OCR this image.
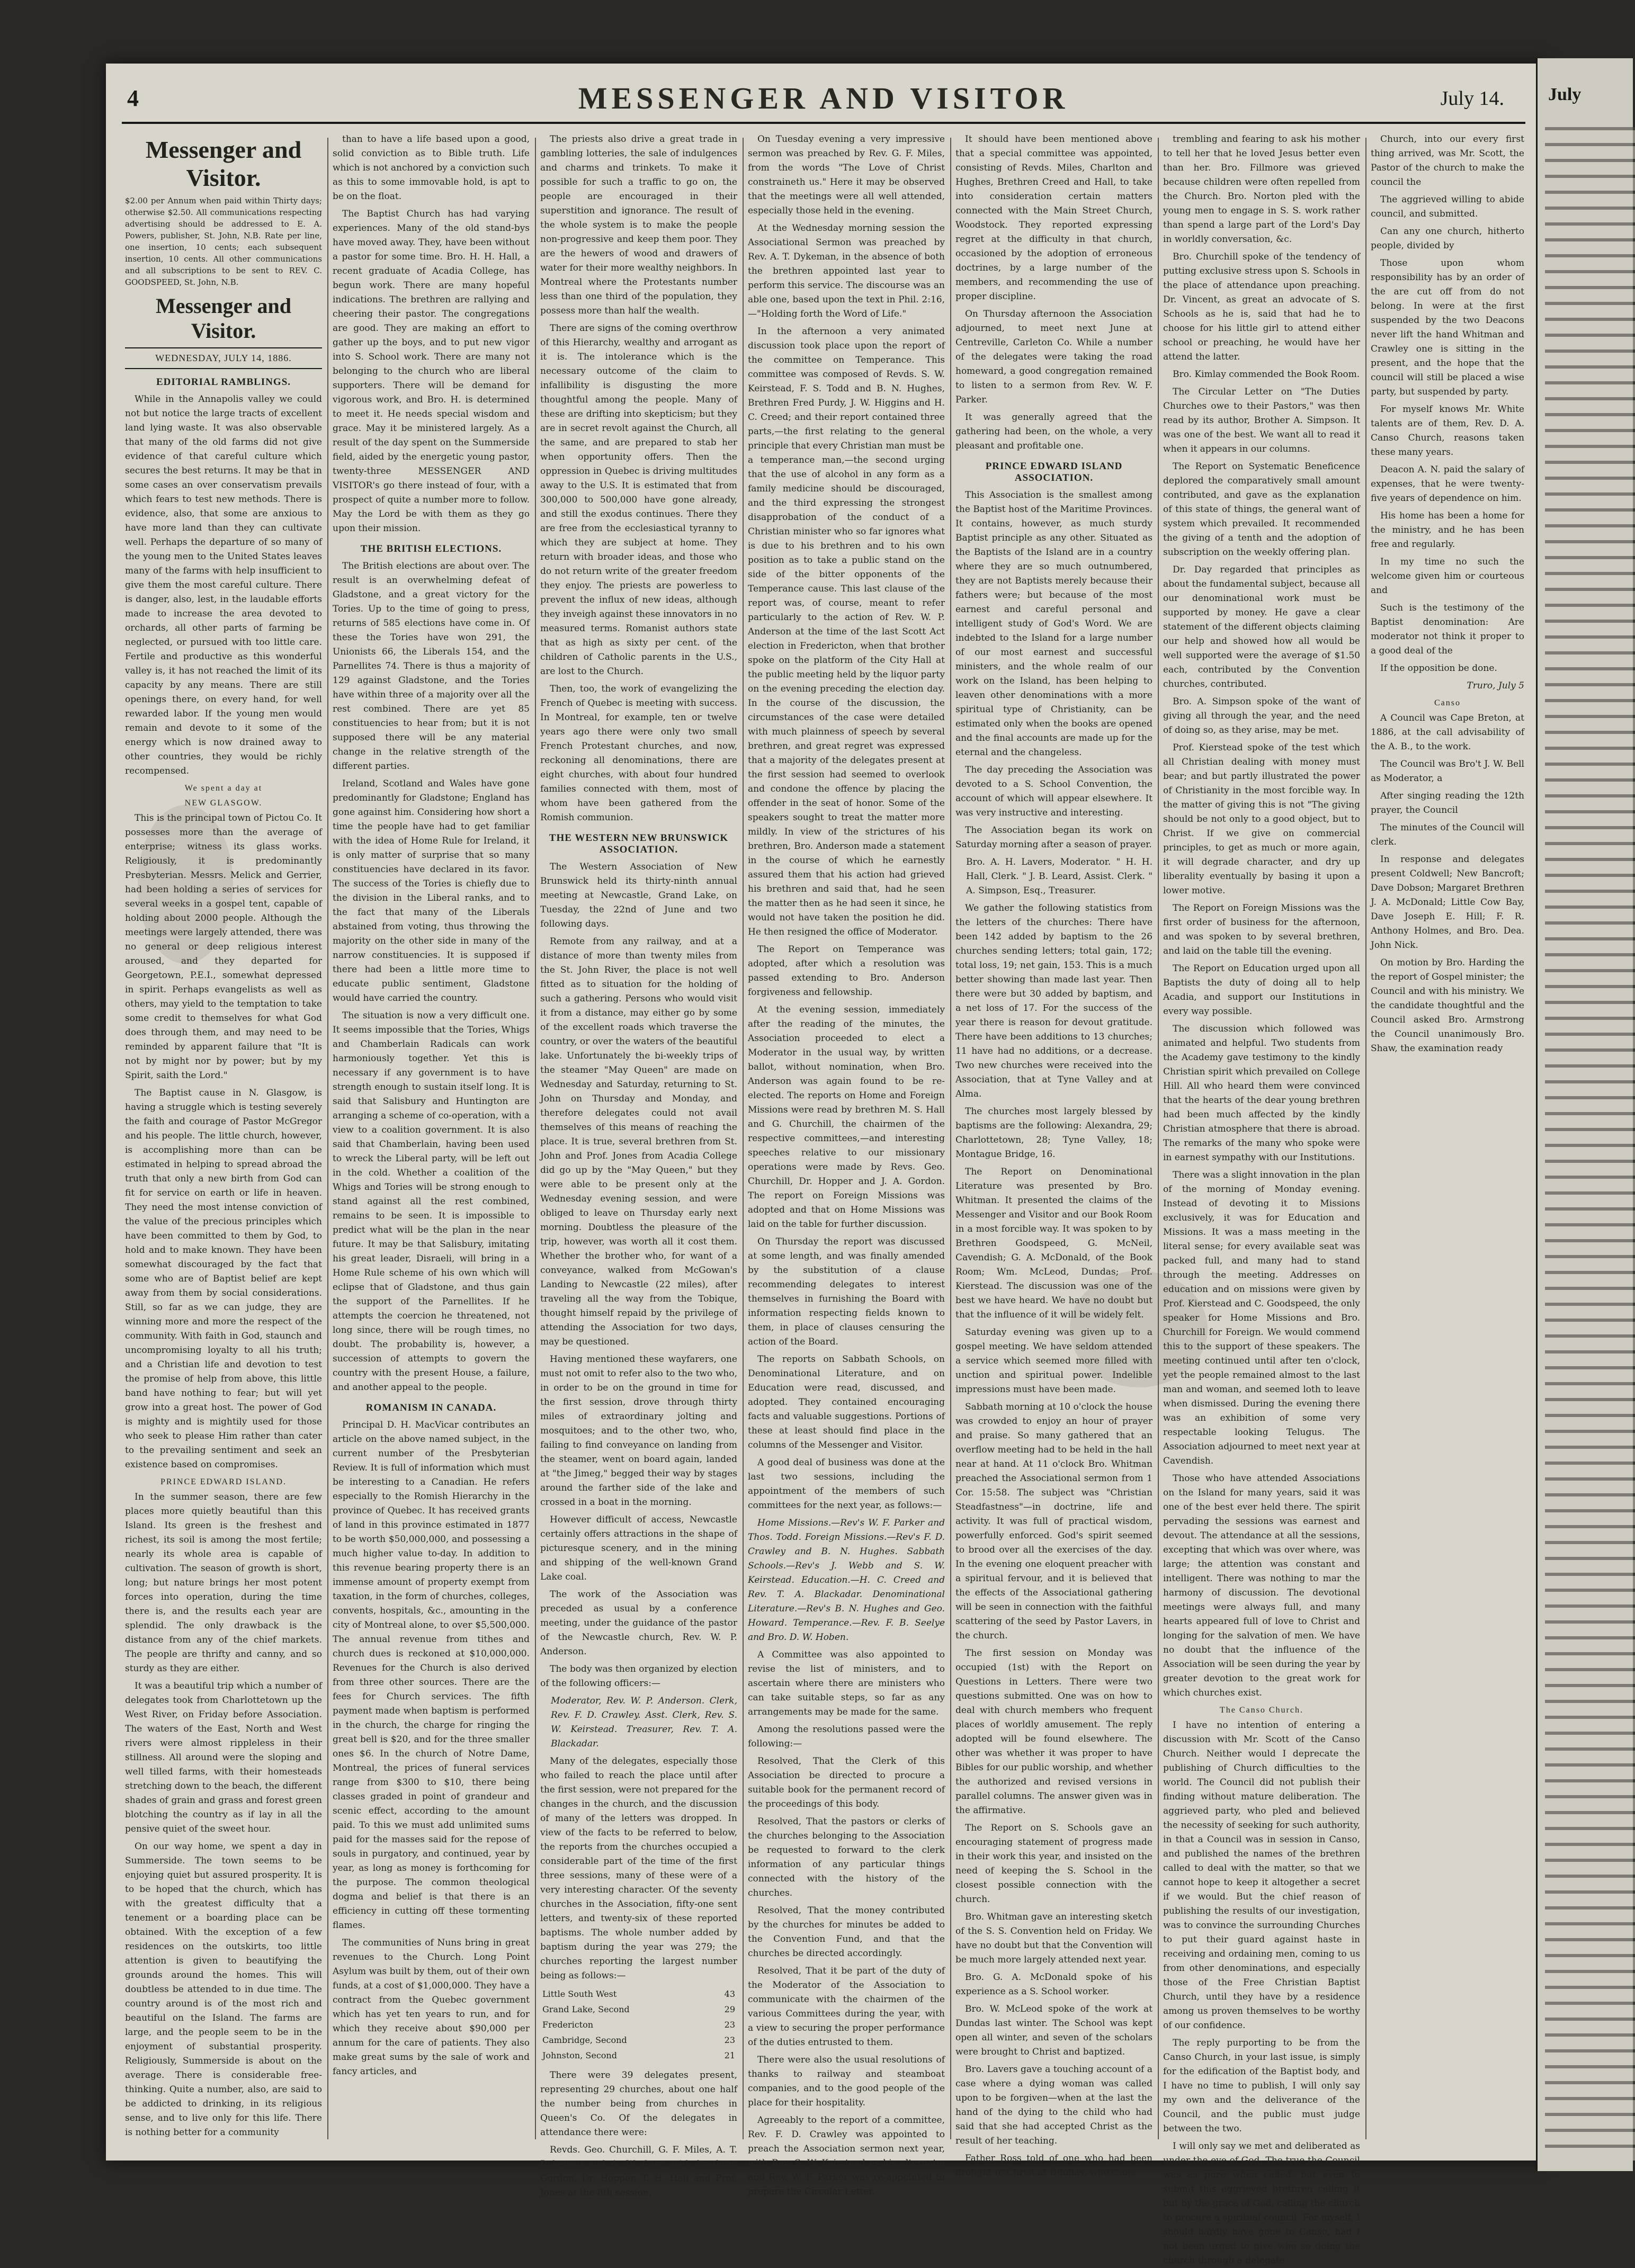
4	MESSENGER AND VISITOR	July 14.
Messenger and Visitor.
$2.00 per Annum when paid within Thirty days; otherwise $2.50. All communications respecting advertising should be addressed to E. A. Powers, publisher, St. John, N.B. Rate per line, one insertion, 10 cents; each subsequent insertion, 10 cents. All other communications and all subscriptions to be sent to REV. C. GOODSPEED, St. John, N.B.
Messenger and Visitor.
WEDNESDAY, JULY 14, 1886.
EDITORIAL RAMBLINGS.

While in the Annapolis valley we could not but notice the large tracts of excellent land lying waste. It was also observable that many of the old farms did not give evidence of that careful culture which secures the best returns. It may be that in some cases an over conservatism prevails which fears to test new methods. There is evidence, also, that some are anxious to have more land than they can cultivate well. Perhaps the departure of so many of the young men to the United States leaves many of the farms with help insufficient to give them the most careful culture. There is danger, also, lest, in the laudable efforts made to increase the area devoted to orchards, all other parts of farming be neglected, or pursued with too little care. Fertile and productive as this wonderful valley is, it has not reached the limit of its capacity by any means. There are still openings there, on every hand, for well rewarded labor. If the young men would remain and devote to it some of the energy which is now drained away to other countries, they would be richly recompensed.

We spent a day at
NEW GLASGOW.

This is the principal town of Pictou Co. It possesses more than the average of enterprise; witness its glass works. Religiously, it is predominantly Presbyterian. Messrs. Melick and Gerrier, had been holding a series of services for several weeks in a gospel tent, capable of holding about 2000 people. Although the meetings were largely attended, there was no general or deep religious interest aroused, and they departed for Georgetown, P.E.I., somewhat depressed in spirit. Perhaps evangelists as well as others, may yield to the temptation to take some credit to themselves for what God does through them, and may need to be reminded by apparent failure that "It is not by might nor by power; but by my Spirit, saith the Lord."

The Baptist cause in N. Glasgow, is having a struggle which is testing severely the faith and courage of Pastor McGregor and his people. The little church, however, is accomplishing more than can be estimated in helping to spread abroad the truth that only a new birth from God can fit for service on earth or life in heaven. They need the most intense conviction of the value of the precious principles which have been committed to them by God, to hold and to make known. They have been somewhat discouraged by the fact that some who are of Baptist belief are kept away from them by social considerations. Still, so far as we can judge, they are winning more and more the respect of the community. With faith in God, staunch and uncompromising loyalty to all his truth; and a Christian life and devotion to test the promise of help from above, this little band have nothing to fear; but will yet grow into a great host. The power of God is mighty and is mightily used for those who seek to please Him rather than cater to the prevailing sentiment and seek an existence based on compromises.

PRINCE EDWARD ISLAND.

In the summer season, there are few places more quietly beautiful than this Island. Its green is the freshest and richest, its soil is among the most fertile; nearly its whole area is capable of cultivation. The season of growth is short, long; but nature brings her most potent forces into operation, during the time there is, and the results each year are splendid. The only drawback is the distance from any of the chief markets. The people are thrifty and canny, and so sturdy as they are either.

It was a beautiful trip which a number of delegates took from Charlottetown up the West River, on Friday before Association. The waters of the East, North and West rivers were almost rippleless in their stillness. All around were the sloping and well tilled farms, with their homesteads stretching down to the beach, the different shades of grain and grass and forest green blotching the country as if lay in all the pensive quiet of the sweet hour.

On our way home, we spent a day in Summerside. The town seems to be enjoying quiet but assured prosperity. It is to be hoped that the church, which has with the greatest difficulty that a tenement or a boarding place can be obtained. With the exception of a few residences on the outskirts, too little attention is given to beautifying the grounds around the homes. This will doubtless be attended to in due time. The country around is of the most rich and beautiful on the Island. The farms are large, and the people seem to be in the enjoyment of substantial prosperity. Religiously, Summerside is about on the average. There is considerable free-thinking. Quite a number, also, are said to be addicted to drinking, in its religious sense, and to live only for this life. There is nothing better for a community

than to have a life based upon a good, solid conviction as to Bible truth. Life which is not anchored by a conviction such as this to some immovable hold, is apt to be on the float.

The Baptist Church has had varying experiences. Many of the old stand-bys have moved away. They, have been without a pastor for some time. Bro. H. H. Hall, a recent graduate of Acadia College, has begun work. There are many hopeful indications. The brethren are rallying and cheering their pastor. The congregations are good. They are making an effort to gather up the boys, and to put new vigor into S. School work. There are many not belonging to the church who are liberal supporters. There will be demand for vigorous work, and Bro. H. is determined to meet it. He needs special wisdom and grace. May it be ministered largely. As a result of the day spent on the Summerside field, aided by the energetic young pastor, twenty-three MESSENGER AND VISITOR's go there instead of four, with a prospect of quite a number more to follow. May the Lord be with them as they go upon their mission.

THE BRITISH ELECTIONS.

The British elections are about over. The result is an overwhelming defeat of Gladstone, and a great victory for the Tories. Up to the time of going to press, returns of 585 elections have come in. Of these the Tories have won 291, the Unionists 66, the Liberals 154, and the Parnellites 74. There is thus a majority of 129 against Gladstone, and the Tories have within three of a majority over all the rest combined. There are yet 85 constituencies to hear from; but it is not supposed there will be any material change in the relative strength of the different parties.

Ireland, Scotland and Wales have gone predominantly for Gladstone; England has gone against him. Considering how short a time the people have had to get familiar with the idea of Home Rule for Ireland, it is only matter of surprise that so many constituencies have declared in its favor. The success of the Tories is chiefly due to the division in the Liberal ranks, and to the fact that many of the Liberals abstained from voting, thus throwing the majority on the other side in many of the narrow constituencies. It is supposed if there had been a little more time to educate public sentiment, Gladstone would have carried the country.

The situation is now a very difficult one. It seems impossible that the Tories, Whigs and Chamberlain Radicals can work harmoniously together. Yet this is necessary if any government is to have strength enough to sustain itself long. It is said that Salisbury and Huntington are arranging a scheme of co-operation, with a view to a coalition government. It is also said that Chamberlain, having been used to wreck the Liberal party, will be left out in the cold. Whether a coalition of the Whigs and Tories will be strong enough to stand against all the rest combined, remains to be seen. It is impossible to predict what will be the plan in the near future. It may be that Salisbury, imitating his great leader, Disraeli, will bring in a Home Rule scheme of his own which will eclipse that of Gladstone, and thus gain the support of the Parnellites. If he attempts the coercion he threatened, not long since, there will be rough times, no doubt. The probability is, however, a succession of attempts to govern the country with the present House, a failure, and another appeal to the people.

ROMANISM IN CANADA.

Principal D. H. MacVicar contributes an article on the above named subject, in the current number of the Presbyterian Review. It is full of information which must be interesting to a Canadian. He refers especially to the Romish Hierarchy in the province of Quebec. It has received grants of land in this province estimated in 1877 to be worth $50,000,000, and possessing a much higher value to-day. In addition to this revenue bearing property there is an immense amount of property exempt from taxation, in the form of churches, colleges, convents, hospitals, &c., amounting in the city of Montreal alone, to over $5,500,000. The annual revenue from tithes and church dues is reckoned at $10,000,000. Revenues for the Church is also derived from three other sources. There are the fees for Church services. The fifth payment made when baptism is performed in the church, the charge for ringing the great bell is $20, and for the three smaller ones $6. In the church of Notre Dame, Montreal, the prices of funeral services range from $300 to $10, there being classes graded in point of grandeur and scenic effect, according to the amount paid. To this we must add unlimited sums paid for the masses said for the repose of souls in purgatory, and continued, year by year, as long as money is forthcoming for the purpose. The common theological dogma and belief is that there is an efficiency in cutting off these tormenting flames.

The communities of Nuns bring in great revenues to the Church. Long Point Asylum was built by them, out of their own funds, at a cost of $1,000,000. They have a contract from the Quebec government which has yet ten years to run, and for which they receive about $90,000 per annum for the care of patients. They also make great sums by the sale of work and fancy articles, and

The priests also drive a great trade in gambling lotteries, the sale of indulgences and charms and trinkets. To make it possible for such a traffic to go on, the people are encouraged in their superstition and ignorance. The result of the whole system is to make the people non-progressive and keep them poor. They are the hewers of wood and drawers of water for their more wealthy neighbors. In Montreal where the Protestants number less than one third of the population, they possess more than half the wealth.

There are signs of the coming overthrow of this Hierarchy, wealthy and arrogant as it is. The intolerance which is the necessary outcome of the claim to infallibility is disgusting the more thoughtful among the people. Many of these are drifting into skepticism; but they are in secret revolt against the Church, all the same, and are prepared to stab her when opportunity offers. Then the oppression in Quebec is driving multitudes away to the U.S. It is estimated that from 300,000 to 500,000 have gone already, and still the exodus continues. There they are free from the ecclesiastical tyranny to which they are subject at home. They return with broader ideas, and those who do not return write of the greater freedom they enjoy. The priests are powerless to prevent the influx of new ideas, although they inveigh against these innovators in no measured terms. Romanist authors state that as high as sixty per cent. of the children of Catholic parents in the U.S., are lost to the Church.

Then, too, the work of evangelizing the French of Quebec is meeting with success. In Montreal, for example, ten or twelve years ago there were only two small French Protestant churches, and now, reckoning all denominations, there are eight churches, with about four hundred families connected with them, most of whom have been gathered from the Romish communion.

THE WESTERN NEW BRUNSWICK ASSOCIATION.

The Western Association of New Brunswick held its thirty-ninth annual meeting at Newcastle, Grand Lake, on Tuesday, the 22nd of June and two following days.

Remote from any railway, and at a distance of more than twenty miles from the St. John River, the place is not well fitted as to situation for the holding of such a gathering. Persons who would visit it from a distance, may either go by some of the excellent roads which traverse the country, or over the waters of the beautiful lake. Unfortunately the bi-weekly trips of the steamer "May Queen" are made on Wednesday and Saturday, returning to St. John on Thursday and Monday, and therefore delegates could not avail themselves of this means of reaching the place. It is true, several brethren from St. John and Prof. Jones from Acadia College did go up by the "May Queen," but they were able to be present only at the Wednesday evening session, and were obliged to leave on Thursday early next morning. Doubtless the pleasure of the trip, however, was worth all it cost them. Whether the brother who, for want of a conveyance, walked from McGowan's Landing to Newcastle (22 miles), after traveling all the way from the Tobique, thought himself repaid by the privilege of attending the Association for two days, may be questioned.

Having mentioned these wayfarers, one must not omit to refer also to the two who, in order to be on the ground in time for the first session, drove through thirty miles of extraordinary jolting and mosquitoes; and to the other two, who, failing to find conveyance on landing from the steamer, went on board again, landed at "the Jimeg," begged their way by stages around the farther side of the lake and crossed in a boat in the morning.

However difficult of access, Newcastle certainly offers attractions in the shape of picturesque scenery, and in the mining and shipping of the well-known Grand Lake coal.

The work of the Association was preceded as usual by a conference meeting, under the guidance of the pastor of the Newcastle church, Rev. W. P. Anderson.

The body was then organized by election of the following officers:—

Moderator, Rev. W. P. Anderson. Clerk, Rev. F. D. Crawley. Asst. Clerk, Rev. S. W. Keirstead. Treasurer, Rev. T. A. Blackadar.

Many of the delegates, especially those who failed to reach the place until after the first session, were not prepared for the changes in the church, and the discussion of many of the letters was dropped. In view of the facts to be referred to below, the reports from the churches occupied a considerable part of the time of the first three sessions, many of these were of a very interesting character. Of the seventy churches in the Association, fifty-one sent letters, and twenty-six of these reported baptisms. The whole number added by baptism during the year was 279; the churches reporting the largest number being as follows:—

Little South West	43
Grand Lake, Second	29
Fredericton	23
Cambridge, Second	23
Johnston, Second	21

There were 39 delegates present, representing 29 churches, about one half the number being from churches in Queen's Co. Of the delegates in attendance there were:

Revds. Geo. Churchill, G. F. Miles, A. T. Dykeman and A. W. Carr; with brethren Gordon, Dr. Hopper, T. H. Hall and Prof. Jones at the 8th session.

On Tuesday evening a very impressive sermon was preached by Rev. G. F. Miles, from the words "The Love of Christ constraineth us." Here it may be observed that the meetings were all well attended, especially those held in the evening.

At the Wednesday morning session the Associational Sermon was preached by Rev. A. T. Dykeman, in the absence of both the brethren appointed last year to perform this service. The discourse was an able one, based upon the text in Phil. 2:16,—"Holding forth the Word of Life."

In the afternoon a very animated discussion took place upon the report of the committee on Temperance. This committee was composed of Revds. S. W. Keirstead, F. S. Todd and B. N. Hughes, Brethren Fred Purdy, J. W. Higgins and H. C. Creed; and their report contained three parts,—the first relating to the general principle that every Christian man must be a temperance man,—the second urging that the use of alcohol in any form as a family medicine should be discouraged, and the third expressing the strongest disapprobation of the conduct of a Christian minister who so far ignores what is due to his brethren and to his own position as to take a public stand on the side of the bitter opponents of the Temperance cause. This last clause of the report was, of course, meant to refer particularly to the action of Rev. W. P. Anderson at the time of the last Scott Act election in Fredericton, when that brother spoke on the platform of the City Hall at the public meeting held by the liquor party on the evening preceding the election day. In the course of the discussion, the circumstances of the case were detailed with much plainness of speech by several brethren, and great regret was expressed that a majority of the delegates present at the first session had seemed to overlook and condone the offence by placing the offender in the seat of honor. Some of the speakers sought to treat the matter more mildly. In view of the strictures of his brethren, Bro. Anderson made a statement in the course of which he earnestly assured them that his action had grieved his brethren and said that, had he seen the matter then as he had seen it since, he would not have taken the position he did. He then resigned the office of Moderator.

The Report on Temperance was adopted, after which a resolution was passed extending to Bro. Anderson forgiveness and fellowship.

At the evening session, immediately after the reading of the minutes, the Association proceeded to elect a Moderator in the usual way, by written ballot, without nomination, when Bro. Anderson was again found to be re-elected. The reports on Home and Foreign Missions were read by brethren M. S. Hall and G. Churchill, the chairmen of the respective committees,—and interesting speeches relative to our missionary operations were made by Revs. Geo. Churchill, Dr. Hopper and J. A. Gordon. The report on Foreign Missions was adopted and that on Home Missions was laid on the table for further discussion.

On Thursday the report was discussed at some length, and was finally amended by the substitution of a clause recommending delegates to interest themselves in furnishing the Board with information respecting fields known to them, in place of clauses censuring the action of the Board.

The reports on Sabbath Schools, on Denominational Literature, and on Education were read, discussed, and adopted. They contained encouraging facts and valuable suggestions. Portions of these at least should find place in the columns of the Messenger and Visitor.

A good deal of business was done at the last two sessions, including the appointment of the members of such committees for the next year, as follows:—

Home Missions.—Rev's W. F. Parker and Thos. Todd. Foreign Missions.—Rev's F. D. Crawley and B. N. Hughes. Sabbath Schools.—Rev's J. Webb and S. W. Keirstead. Education.—H. C. Creed and Rev. T. A. Blackadar. Denominational Literature.—Rev's B. N. Hughes and Geo. Howard. Temperance.—Rev. F. B. Seelye and Bro. D. W. Hoben.

A Committee was also appointed to revise the list of ministers, and to ascertain where there are ministers who can take suitable steps, so far as any arrangements may be made for the same.

Among the resolutions passed were the following:—

Resolved, That the Clerk of this Association be directed to procure a suitable book for the permanent record of the proceedings of this body.

Resolved, That the pastors or clerks of the churches belonging to the Association be requested to forward to the clerk information of any particular things connected with the history of the churches.

Resolved, That the money contributed by the churches for minutes be added to the Convention Fund, and that the churches be directed accordingly.

Resolved, That it be part of the duty of the Moderator of the Association to communicate with the chairmen of the various Committees during the year, with a view to securing the proper performance of the duties entrusted to them.

There were also the usual resolutions of thanks to railway and steamboat companies, and to the good people of the place for their hospitality.

Agreeably to the report of a committee, Rev. F. D. Crawley was appointed to preach the Association sermon next year, with Rev. S. W. Keirstead as his alternate; and Rev. W. F. Parker was re-appointed to prepare the Circular Letter.

It should have been mentioned above that a special committee was appointed, consisting of Revds. Miles, Charlton and Hughes, Brethren Creed and Hall, to take into consideration certain matters connected with the Main Street Church, Woodstock. They reported expressing regret at the difficulty in that church, occasioned by the adoption of erroneous doctrines, by a large number of the members, and recommending the use of proper discipline.

On Thursday afternoon the Association adjourned, to meet next June at Centreville, Carleton Co. While a number of the delegates were taking the road homeward, a good congregation remained to listen to a sermon from Rev. W. F. Parker.

It was generally agreed that the gathering had been, on the whole, a very pleasant and profitable one.

PRINCE EDWARD ISLAND ASSOCIATION.

This Association is the smallest among the Baptist host of the Maritime Provinces. It contains, however, as much sturdy Baptist principle as any other. Situated as the Baptists of the Island are in a country where they are so much outnumbered, they are not Baptists merely because their fathers were; but because of the most earnest and careful personal and intelligent study of God's Word. We are indebted to the Island for a large number of our most earnest and successful ministers, and the whole realm of our work on the Island, has been helping to leaven other denominations with a more spiritual type of Christianity, can be estimated only when the books are opened and the final accounts are made up for the eternal and the changeless.

The day preceding the Association was devoted to a S. School Convention, the account of which will appear elsewhere. It was very instructive and interesting.

The Association began its work on Saturday morning after a season of prayer.

Bro. A. H. Lavers, Moderator. " H. H. Hall, Clerk. " J. B. Leard, Assist. Clerk. " A. Simpson, Esq., Treasurer.

We gather the following statistics from the letters of the churches: There have been 142 added by baptism to the 26 churches sending letters; total gain, 172; total loss, 19; net gain, 153. This is a much better showing than made last year. Then there were but 30 added by baptism, and a net loss of 17. For the success of the year there is reason for devout gratitude. There have been additions to 13 churches; 11 have had no additions, or a decrease. Two new churches were received into the Association, that at Tyne Valley and at Alma.

The churches most largely blessed by baptisms are the following: Alexandra, 29; Charlottetown, 28; Tyne Valley, 18; Montague Bridge, 16.

The Report on Denominational Literature was presented by Bro. Whitman. It presented the claims of the Messenger and Visitor and our Book Room in a most forcible way. It was spoken to by Brethren Goodspeed, G. McNeil, Cavendish; G. A. McDonald, of the Book Room; Wm. McLeod, Dundas; Prof. Kierstead. The discussion was one of the best we have heard. We have no doubt but that the influence of it will be widely felt.

Saturday evening was given up to a gospel meeting. We have seldom attended a service which seemed more filled with unction and spiritual power. Indelible impressions must have been made.

Sabbath morning at 10 o'clock the house was crowded to enjoy an hour of prayer and praise. So many gathered that an overflow meeting had to be held in the hall near at hand. At 11 o'clock Bro. Whitman preached the Associational sermon from 1 Cor. 15:58. The subject was "Christian Steadfastness"—in doctrine, life and activity. It was full of practical wisdom, powerfully enforced. God's spirit seemed to brood over all the exercises of the day. In the evening one eloquent preacher with a spiritual fervour, and it is believed that the effects of the Associational gathering will be seen in connection with the faithful scattering of the seed by Pastor Lavers, in the church.

The first session on Monday was occupied (1st) with the Report on Questions in Letters. There were two questions submitted. One was on how to deal with church members who frequent places of worldly amusement. The reply adopted will be found elsewhere. The other was whether it was proper to have Bibles for our public worship, and whether the authorized and revised versions in parallel columns. The answer given was in the affirmative.

The Report on S. Schools gave an encouraging statement of progress made in their work this year, and insisted on the need of keeping the S. School in the closest possible connection with the church.

Bro. Whitman gave an interesting sketch of the S. S. Convention held on Friday. We have no doubt but that the Convention will be much more largely attended next year.

Bro. G. A. McDonald spoke of his experience as a S. School worker.

Bro. W. McLeod spoke of the work at Dundas last winter. The School was kept open all winter, and seven of the scholars were brought to Christ and baptized.

Bro. Lavers gave a touching account of a case where a dying woman was called upon to be forgiven—when at the last the hand of the dying to the child who had said that she had accepted Christ as the result of her teaching.

Father Ross told of one who had been brought to Christ at Dundas, who came

trembling and fearing to ask his mother to tell her that he loved Jesus better even than her. Bro. Fillmore was grieved because children were often repelled from the Church. Bro. Norton pled with the young men to engage in S. S. work rather than spend a large part of the Lord's Day in worldly conversation, &c.

Bro. Churchill spoke of the tendency of putting exclusive stress upon S. Schools in the place of attendance upon preaching. Dr. Vincent, as great an advocate of S. Schools as he is, said that had he to choose for his little girl to attend either school or preaching, he would have her attend the latter.

Bro. Kimlay commended the Book Room.

The Circular Letter on "The Duties Churches owe to their Pastors," was then read by its author, Brother A. Simpson. It was one of the best. We want all to read it when it appears in our columns.

The Report on Systematic Beneficence deplored the comparatively small amount contributed, and gave as the explanation of this state of things, the general want of system which prevailed. It recommended the giving of a tenth and the adoption of subscription on the weekly offering plan.

Dr. Day regarded that principles as about the fundamental subject, because all our denominational work must be supported by money. He gave a clear statement of the different objects claiming our help and showed how all would be well supported were the average of $1.50 each, contributed by the Convention churches, contributed.

Bro. A. Simpson spoke of the want of giving all through the year, and the need of doing so, as they arise, may be met.

Prof. Kierstead spoke of the test which all Christian dealing with money must bear; and but partly illustrated the power of Christianity in the most forcible way. In the matter of giving this is not "The giving should be not only to a good object, but to Christ. If we give on commercial principles, to get as much or more again, it will degrade character, and dry up liberality eventually by basing it upon a lower motive.

The Report on Foreign Missions was the first order of business for the afternoon, and was spoken to by several brethren, and laid on the table till the evening.

The Report on Education urged upon all Baptists the duty of doing all to help Acadia, and support our Institutions in every way possible.

The discussion which followed was animated and helpful. Two students from the Academy gave testimony to the kindly Christian spirit which prevailed on College Hill. All who heard them were convinced that the hearts of the dear young brethren had been much affected by the kindly Christian atmosphere that there is abroad. The remarks of the many who spoke were in earnest sympathy with our Institutions.

There was a slight innovation in the plan of the morning of Monday evening. Instead of devoting it to Missions exclusively, it was for Education and Missions. It was a mass meeting in the literal sense; for every available seat was packed full, and many had to stand through the meeting. Addresses on education and on missions were given by Prof. Kierstead and C. Goodspeed, the only speaker for Home Missions and Bro. Churchill for Foreign. We would commend this to the support of these speakers. The meeting continued until after ten o'clock, yet the people remained almost to the last man and woman, and seemed loth to leave when dismissed. During the evening there was an exhibition of some very respectable looking Telugus. The Association adjourned to meet next year at Cavendish.

Those who have attended Associations on the Island for many years, said it was one of the best ever held there. The spirit pervading the sessions was earnest and devout. The attendance at all the sessions, excepting that which was over where, was large; the attention was constant and intelligent. There was nothing to mar the harmony of discussion. The devotional meetings were always full, and many hearts appeared full of love to Christ and longing for the salvation of men. We have no doubt that the influence of the Association will be seen during the year by greater devotion to the great work for which churches exist.

The Canso Church.

I have no intention of entering a discussion with Mr. Scott of the Canso Church. Neither would I deprecate the publishing of Church difficulties to the world. The Council did not publish their finding without mature deliberation. The aggrieved party, who pled and believed the necessity of seeking for such authority, in that a Council was in session in Canso, and published the names of the brethren called to deal with the matter, so that we cannot hope to keep it altogether a secret if we would. But the chief reason of publishing the results of our investigation, was to convince the surrounding Churches to put their guard against haste in receiving and ordaining men, coming to us from other denominations, and especially those of the Free Christian Baptist Church, until they have by a residence among us proven themselves to be worthy of our confidence.

The reply purporting to be from the Canso Church, in your last issue, is simply for the edification of the Baptist body, and I have no time to publish, I will only say my own and the deliverance of the Council, and the public must judge between the two.

I will only say we met and deliberated as under the eye of God. The true the Council was as pure when called, but even to submit this aggrieved brethren calling it but by the grace of God, calling the church to procure a spiritual council. For myself, I should hardly have gone to Canso, had I not been urged to give who so doing the church through a delegate

Church, into our every first thing arrived, was Mr. Scott, the Pastor of the church to make the council the

The aggrieved willing to abide council, and submitted.

Can any one church, hitherto people, divided by

Those upon whom responsibility has by an order of the are cut off from do not belong. In were at the first suspended by the two Deacons never lift the hand Whitman and Crawley one is sitting in the present, and the hope that the council will still be placed a wise party, but suspended by party.

For myself knows Mr. White talents are of them, Rev. D. A. Canso Church, reasons taken these many years.

Deacon A. N. paid the salary of expenses, that he were twenty-five years of dependence on him.

His home has been a home for the ministry, and he has been free and regularly.

In my time no such the welcome given him or courteous and

Such is the testimony of the Baptist denomination: Are moderator not think it proper to a good deal of the

If the opposition be done.

Truro, July 5

Canso

A Council was Cape Breton, at 1886, at the call advisability of the A. B., to the work.

The Council was Bro't J. W. Bell as Moderator, a

After singing reading the 12th prayer, the Council

The minutes of the Council will clerk.

In response and delegates present Coldwell; New Bancroft; Dave Dobson; Margaret Brethren J. A. McDonald; Little Cow Bay, Dave Joseph E. Hill; F. R. Anthony Holmes, and Bro. Dea. John Nick.

On motion by Bro. Harding the the report of Gospel minister; the Council and with his ministry. We the candidate thoughtful and the Council asked Bro. Armstrong the Council unanimously Bro. Shaw, the examination ready

July
